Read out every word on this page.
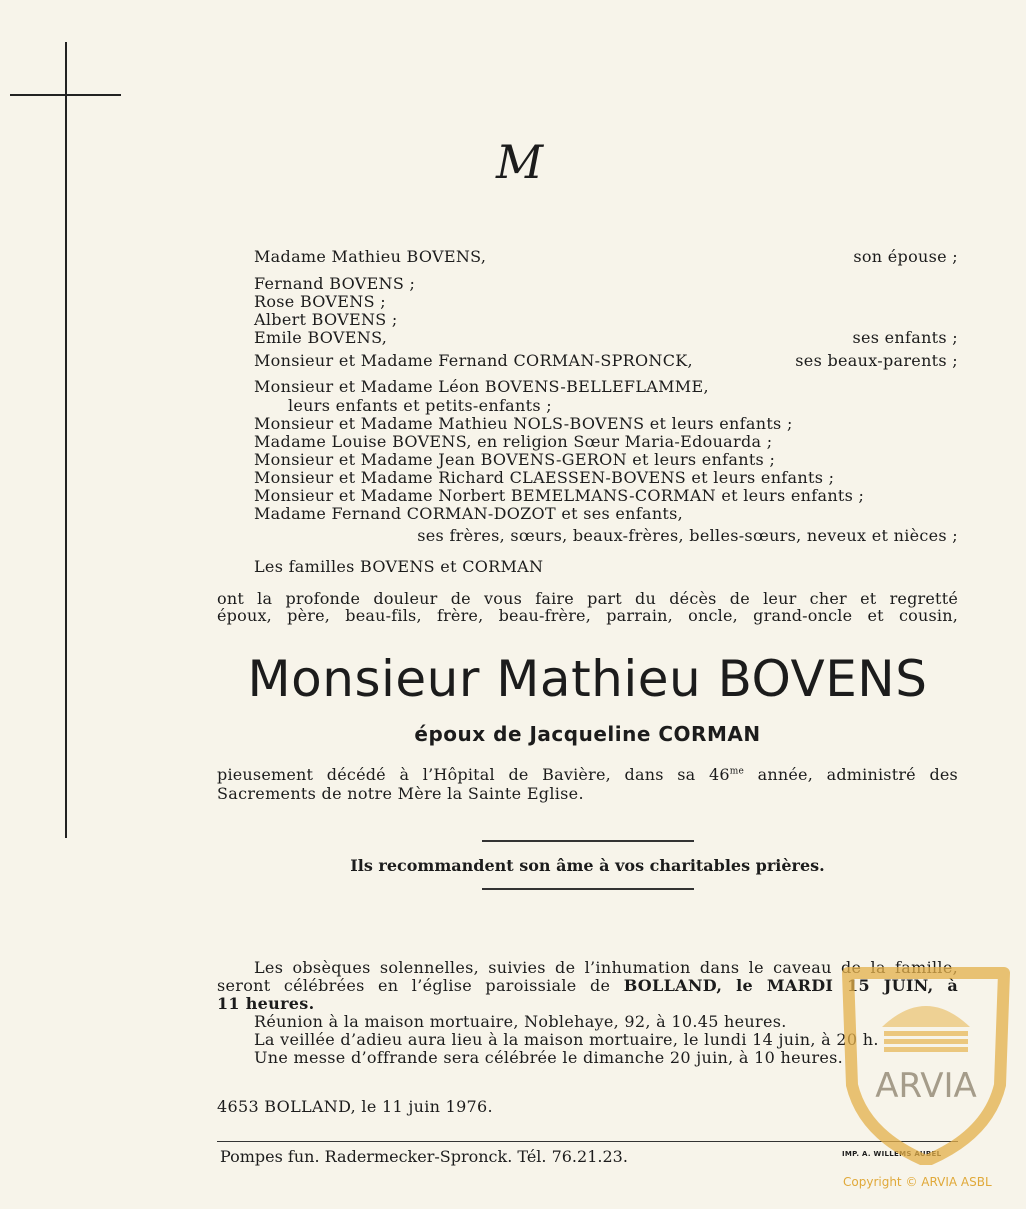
M
Madame Mathieu BOVENS,	son épouse ;
Fernand BOVENS ;
Rose BOVENS ;
Albert BOVENS ;
Emile BOVENS,	ses enfants ;
Monsieur et Madame Fernand CORMAN-SPRONCK,	ses beaux-parents ;
Monsieur et Madame Léon BOVENS-BELLEFLAMME,
leurs enfants et petits-enfants ;
Monsieur et Madame Mathieu NOLS-BOVENS et leurs enfants ;
Madame Louise BOVENS, en religion Sœur Maria-Edouarda ;
Monsieur et Madame Jean BOVENS-GERON et leurs enfants ;
Monsieur et Madame Richard CLAESSEN-BOVENS et leurs enfants ;
Monsieur et Madame Norbert BEMELMANS-CORMAN et leurs enfants ;
Madame Fernand CORMAN-DOZOT et ses enfants,
ses frères, sœurs, beaux-frères, belles-sœurs, neveux et nièces ;
Les familles BOVENS et CORMAN
ont la profonde douleur de vous faire part du décès de leur cher et regretté
époux, père, beau-fils, frère, beau-frère, parrain, oncle, grand-oncle et cousin,
Monsieur Mathieu BOVENS
époux de Jacqueline CORMAN
pieusement décédé à l’Hôpital de Bavière, dans sa $46^{me}$ année, administré des
Sacrements de notre Mère la Sainte Eglise.
Ils recommandent son âme à vos charitables prières.
Les obsèques solennelles, suivies de l’inhumation dans le caveau de la famille,
seront célébrées en l’église paroissiale de BOLLAND, le MARDI 15 JUIN, à
11 heures.
Réunion à la maison mortuaire, Noblehaye, 92, à 10.45 heures.
La veillée d’adieu aura lieu à la maison mortuaire, le lundi 14 juin, à 20 h.
Une messe d’offrande sera célébrée le dimanche 20 juin, à 10 heures.
4653 BOLLAND, le 11 juin 1976.
Pompes fun. Radermecker-Spronck. Tél. 76.21.23.	IMP. A. WILLEMS AUBEL
ARVIA
Copyright © ARVIA ASBL
